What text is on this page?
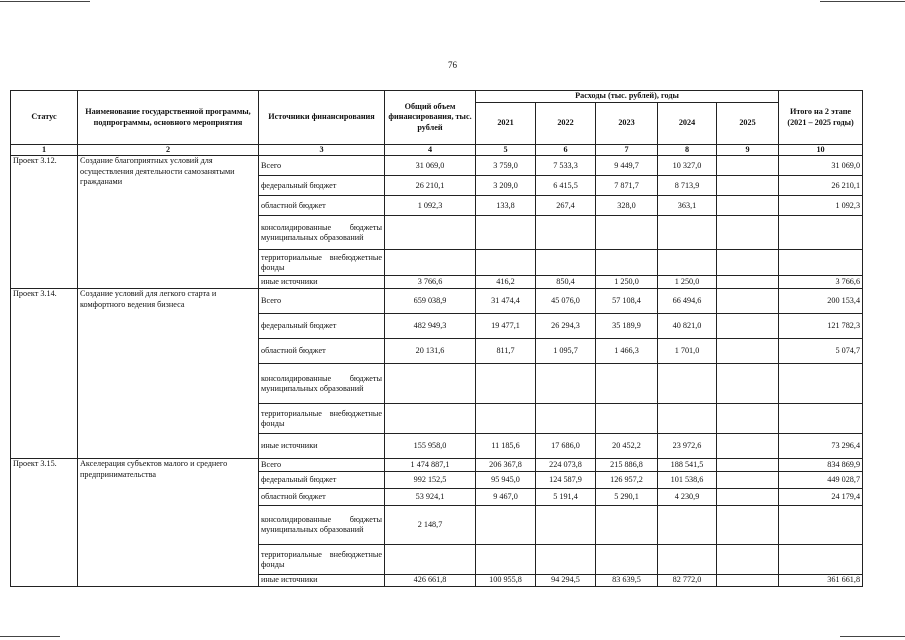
76
Статус	Наименование государственной программы, подпрограммы, основного мероприятия	Источники финансирования	Общий объем финансирования, тыс. рублей	Расходы (тыс. рублей), годы					Итого на 2 этапе (2021 – 2025 годы)
				2021	2022	2023	2024	2025	
1	2	3	4	5	6	7	8	9	10
Проект 3.12.	Создание благоприятных условий для осуществления деятельности самозанятыми гражданами	Всего	31 069,0	3 759,0	7 533,3	9 449,7	10 327,0		31 069,0
		федеральный бюджет	26 210,1	3 209,0	6 415,5	7 871,7	8 713,9		26 210,1
		областной бюджет	1 092,3	133,8	267,4	328,0	363,1		1 092,3
		консолидированные бюджеты муниципальных образований							
		территориальные внебюджетные фонды							
		иные источники	3 766,6	416,2	850,4	1 250,0	1 250,0		3 766,6
Проект 3.14.	Создание условий для легкого старта и комфортного ведения бизнеса	Всего	659 038,9	31 474,4	45 076,0	57 108,4	66 494,6		200 153,4
		федеральный бюджет	482 949,3	19 477,1	26 294,3	35 189,9	40 821,0		121 782,3
		областной бюджет	20 131,6	811,7	1 095,7	1 466,3	1 701,0		5 074,7
		консолидированные бюджеты муниципальных образований							
		территориальные внебюджетные фонды							
		иные источники	155 958,0	11 185,6	17 686,0	20 452,2	23 972,6		73 296,4
Проект 3.15.	Акселерация субъектов малого и среднего предпринимательства	Всего	1 474 887,1	206 367,8	224 073,8	215 886,8	188 541,5		834 869,9
		федеральный бюджет	992 152,5	95 945,0	124 587,9	126 957,2	101 538,6		449 028,7
		областной бюджет	53 924,1	9 467,0	5 191,4	5 290,1	4 230,9		24 179,4
		консолидированные бюджеты муниципальных образований	2 148,7						
		территориальные внебюджетные фонды							
		иные источники	426 661,8	100 955,8	94 294,5	83 639,5	82 772,0		361 661,8
